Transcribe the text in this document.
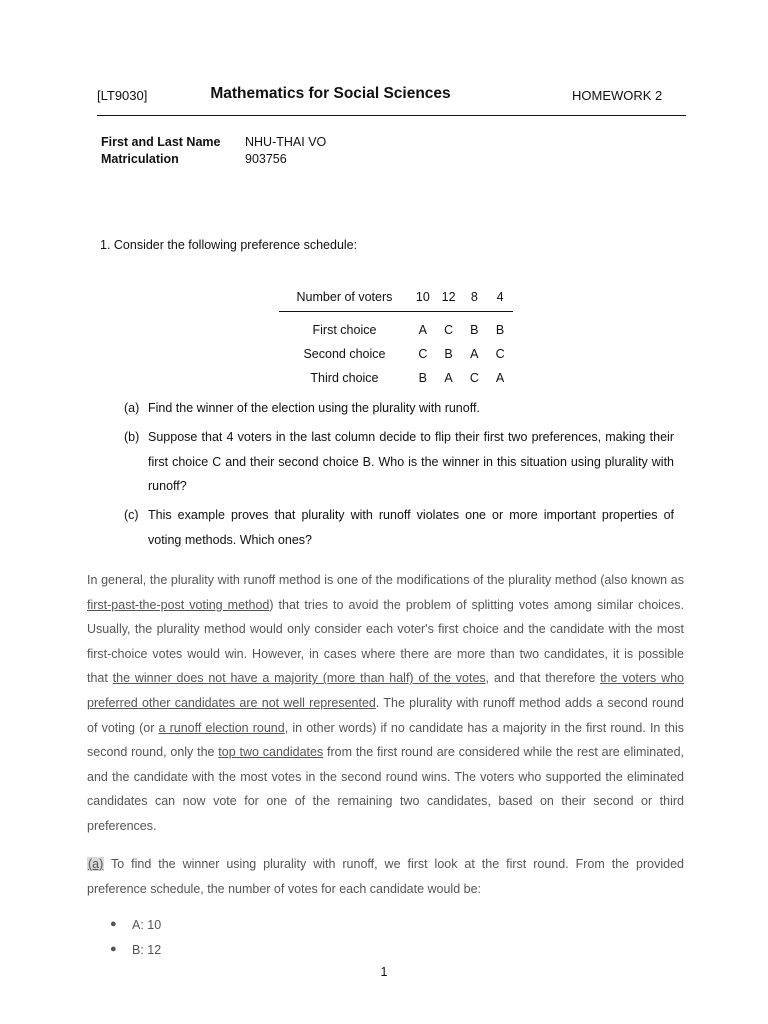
[LT9030]	Mathematics for Social Sciences	HOMEWORK 2
First and Last Name NHU-THAI VO
Matriculation	903756
1. Consider the following preference schedule:
Number of voters	10	12	8	4
First choice	A	C	B	B
Second choice	C	B	A	C
Third choice	B	A	C	A
(a) Find the winner of the election using the plurality with runoff.
(b) Suppose that 4 voters in the last column decide to flip their first two preferences, making their first choice C and their second choice B. Who is the winner in this situation using plurality with runoff?
(c) This example proves that plurality with runoff violates one or more important properties of voting methods. Which ones?
In general, the plurality with runoff method is one of the modifications of the plurality method (also known as first-past-the-post voting method) that tries to avoid the problem of splitting votes among similar choices. Usually, the plurality method would only consider each voter's first choice and the candidate with the most first-choice votes would win. However, in cases where there are more than two candidates, it is possible that the winner does not have a majority (more than half) of the votes, and that therefore the voters who preferred other candidates are not well represented. The plurality with runoff method adds a second round of voting (or a runoff election round, in other words) if no candidate has a majority in the first round. In this second round, only the top two candidates from the first round are considered while the rest are eliminated, and the candidate with the most votes in the second round wins. The voters who supported the eliminated candidates can now vote for one of the remaining two candidates, based on their second or third preferences.
(a) To find the winner using plurality with runoff, we first look at the first round. From the provided preference schedule, the number of votes for each candidate would be:
● A: 10
● B: 12
1
